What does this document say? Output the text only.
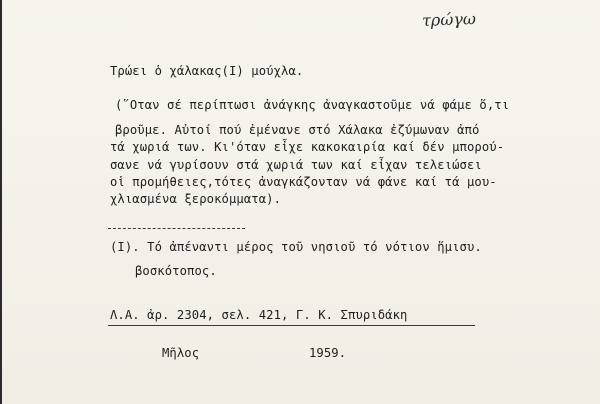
τρώγω
Τρώει ὁ χάλακας(Ι) μούχλα.
(῞Οταν σέ περίπτωσι ἀνάγκης ἀναγκαστοῦμε νά φάμε ὅ,τι
βροῦμε. Αὐτοί πού ἐμένανε στό Χάλακα ἐζύμωναν ἀπό
τά χωριά των. Κι'όταν εἶχε κακοκαιρία καί δέν μπορού-
σανε νά γυρίσουν στά χωριά των καί εἶχαν τελειώσει
οἱ προμήθειες,τότες ἀναγκάζονταν νά φάνε καί τά μου-
χλιασμένα ξεροκόμματα).
(Ι). Τό ἀπέναντι μέρος τοῦ νησιοῦ τό νότιον ἥμισυ.
βοσκότοπος.
Λ.Α. ἀρ. 2304, σελ. 421, Γ. Κ. Σπυριδάκη
Μῆλος	1959.
